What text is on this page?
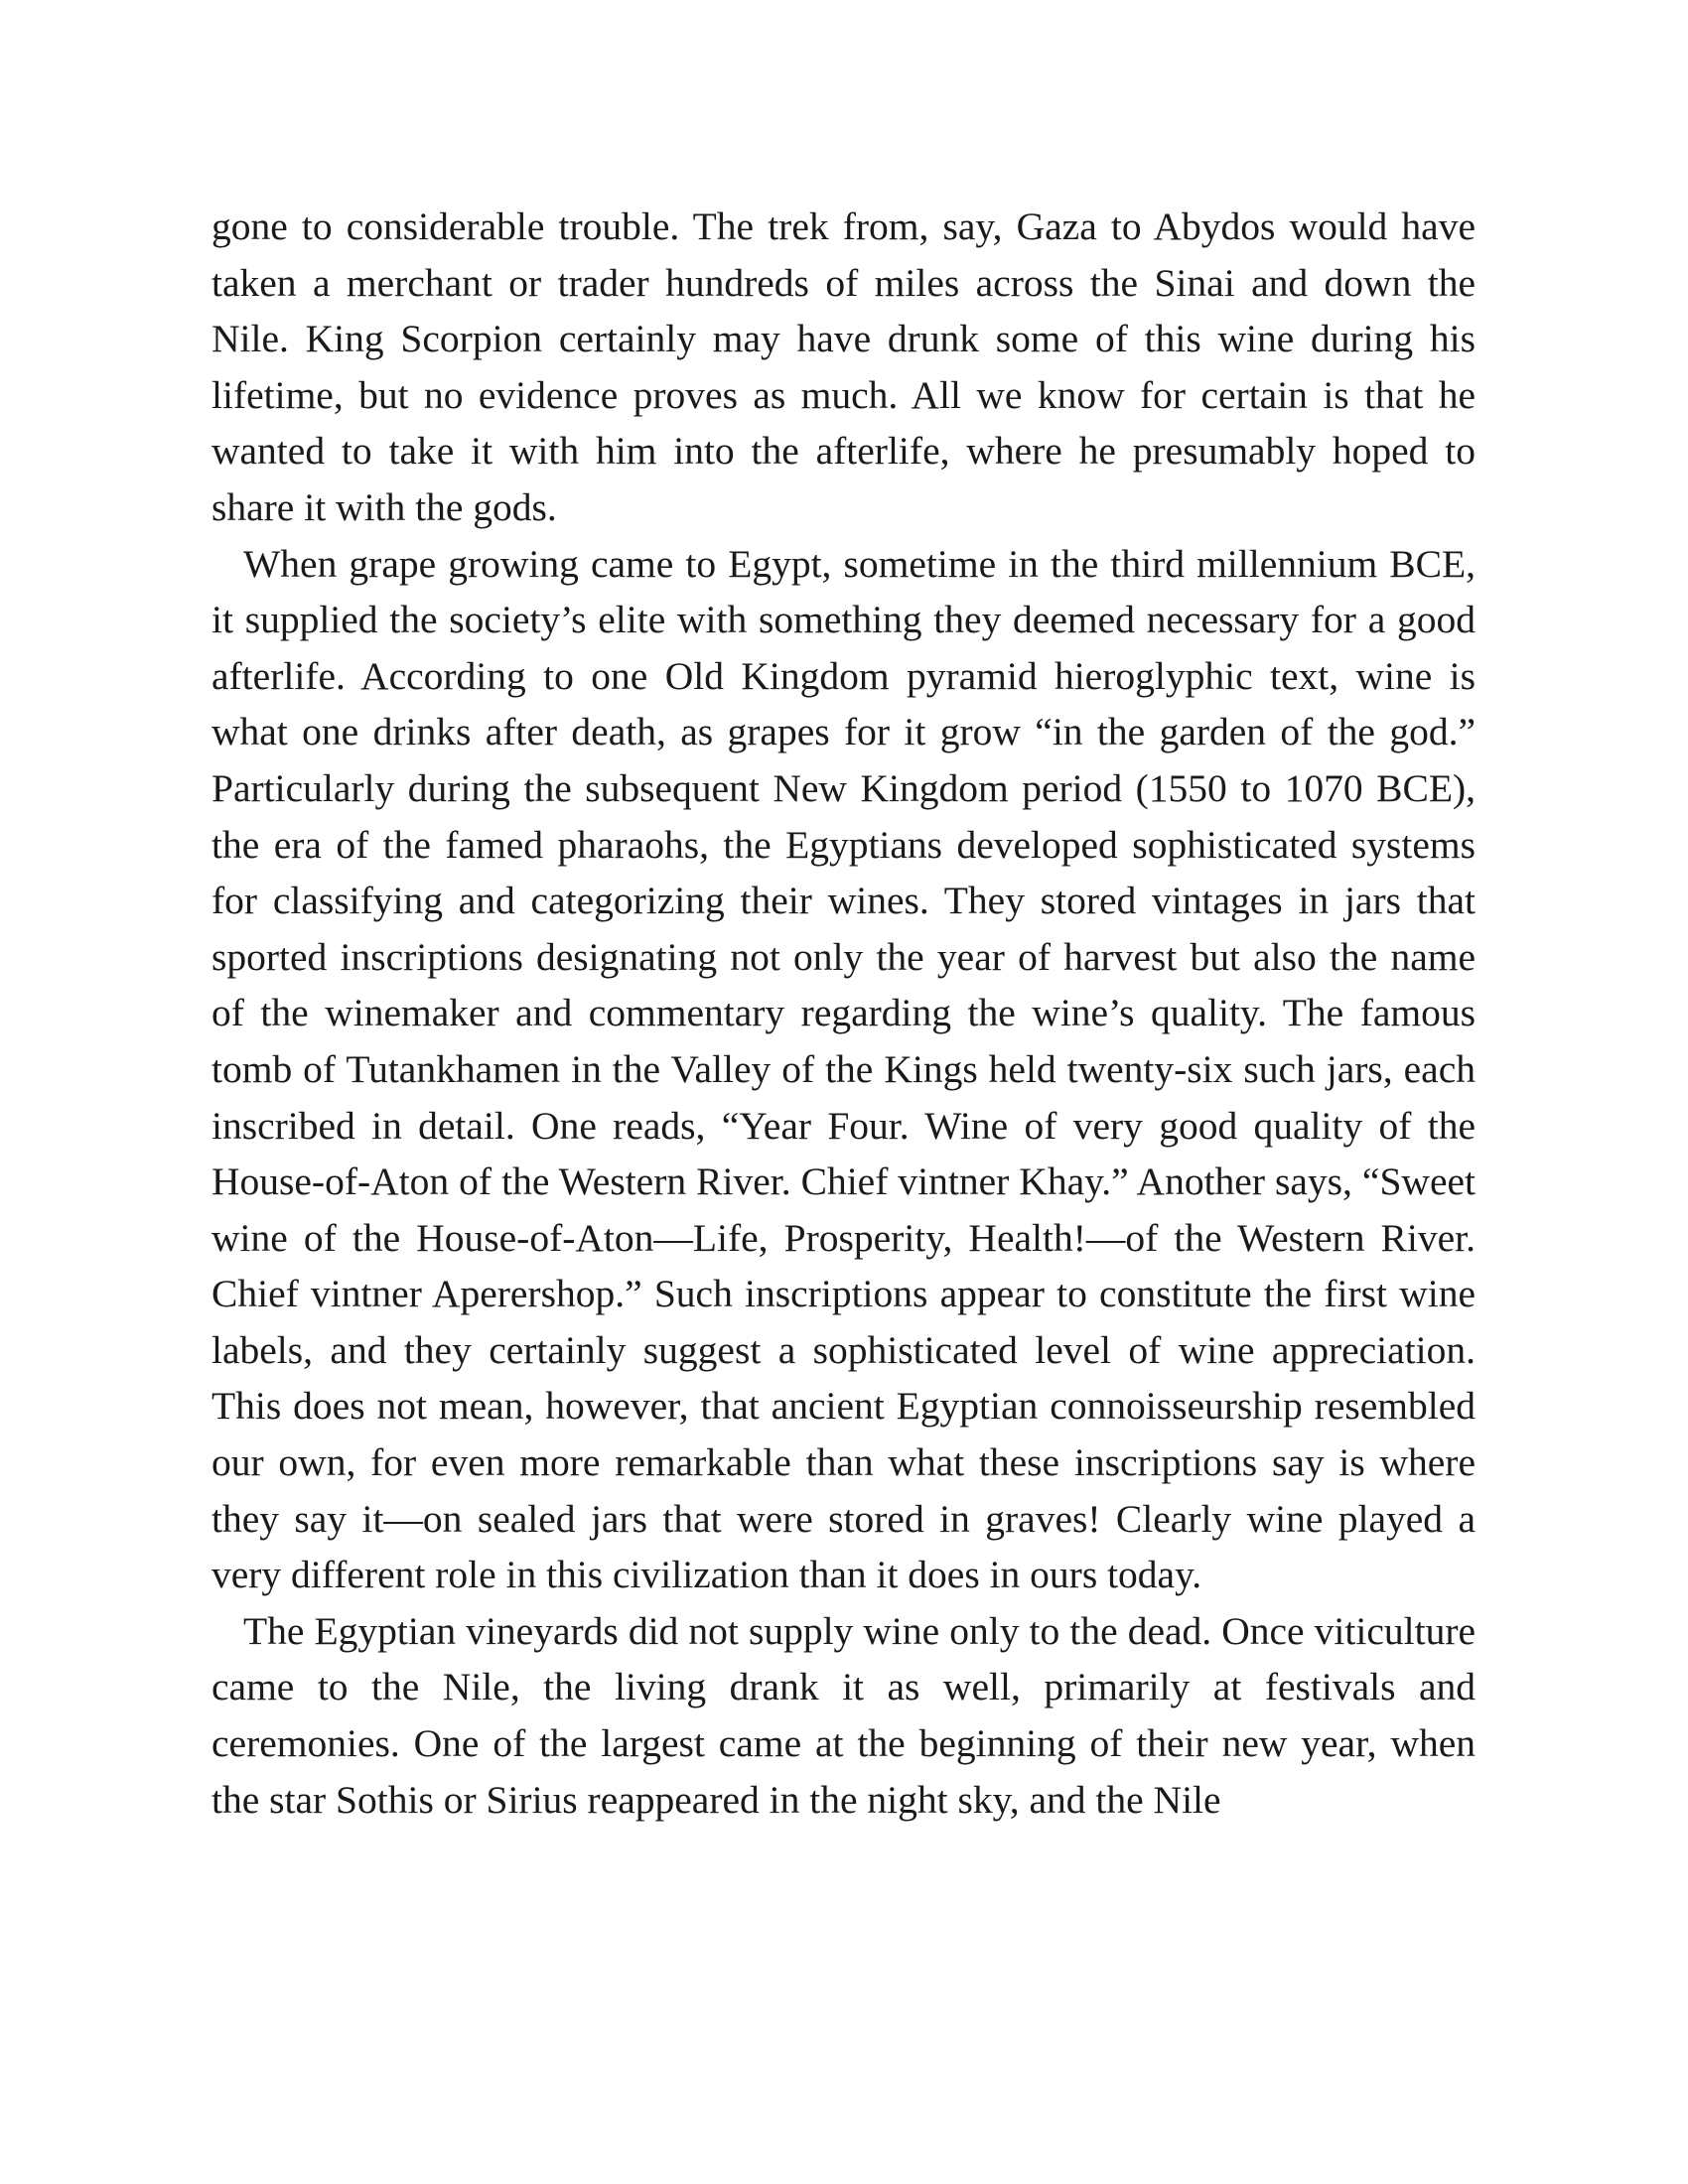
gone to considerable trouble. The trek from, say, Gaza to Abydos would have taken a merchant or trader hundreds of miles across the Sinai and down the Nile. King Scorpion certainly may have drunk some of this wine during his lifetime, but no evidence proves as much. All we know for certain is that he wanted to take it with him into the afterlife, where he presumably hoped to share it with the gods.

When grape growing came to Egypt, sometime in the third millennium BCE, it supplied the society’s elite with something they deemed necessary for a good afterlife. According to one Old Kingdom pyramid hieroglyphic text, wine is what one drinks after death, as grapes for it grow “in the garden of the god.” Particularly during the subsequent New Kingdom period (1550 to 1070 BCE), the era of the famed pharaohs, the Egyptians developed sophisticated systems for classifying and categorizing their wines. They stored vintages in jars that sported inscriptions designating not only the year of harvest but also the name of the winemaker and commentary regarding the wine’s quality. The famous tomb of Tutankhamen in the Valley of the Kings held twenty-six such jars, each inscribed in detail. One reads, “Year Four. Wine of very good quality of the House-of-Aton of the Western River. Chief vintner Khay.” Another says, “Sweet wine of the House-of-Aton—Life, Prosperity, Health!—of the Western River. Chief vintner Aperershop.” Such inscriptions appear to constitute the first wine labels, and they certainly suggest a sophisticated level of wine appreciation. This does not mean, however, that ancient Egyptian connoisseurship resembled our own, for even more remarkable than what these inscriptions say is where they say it—on sealed jars that were stored in graves! Clearly wine played a very different role in this civilization than it does in ours today.

The Egyptian vineyards did not supply wine only to the dead. Once viticulture came to the Nile, the living drank it as well, primarily at festivals and ceremonies. One of the largest came at the beginning of their new year, when the star Sothis or Sirius reappeared in the night sky, and the Nile
